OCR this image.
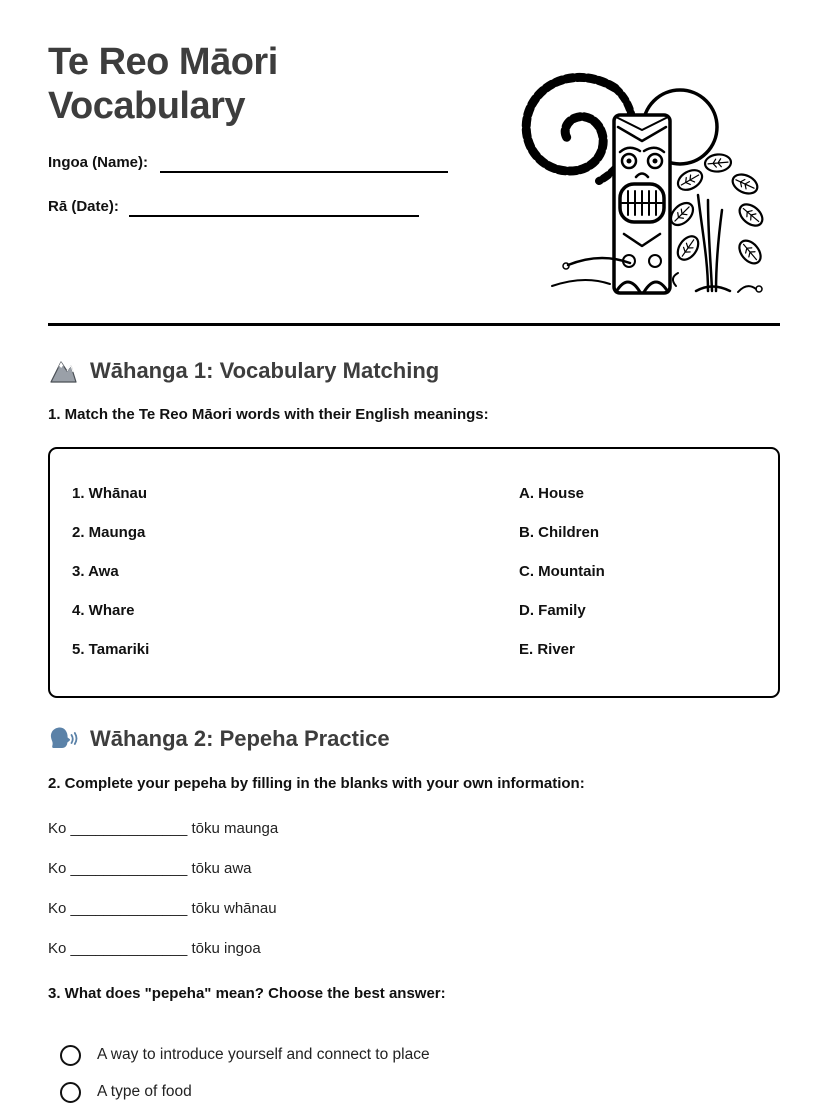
Te Reo Māori
Vocabulary
Ingoa (Name):
Rā (Date):
Wāhanga 1: Vocabulary Matching

1. Match the Te Reo Māori words with their English meanings:

1. Whānau
2. Maunga
3. Awa
4. Whare
5. Tamariki
A. House
B. Children
C. Mountain
D. Family
E. River
Wāhanga 2: Pepeha Practice

2. Complete your pepeha by filling in the blanks with your own information:

Ko ______________ tōku maunga

Ko ______________ tōku awa

Ko ______________ tōku whānau

Ko ______________ tōku ingoa

3. What does "pepeha" mean? Choose the best answer:

A way to introduce yourself and connect to place
A type of food
